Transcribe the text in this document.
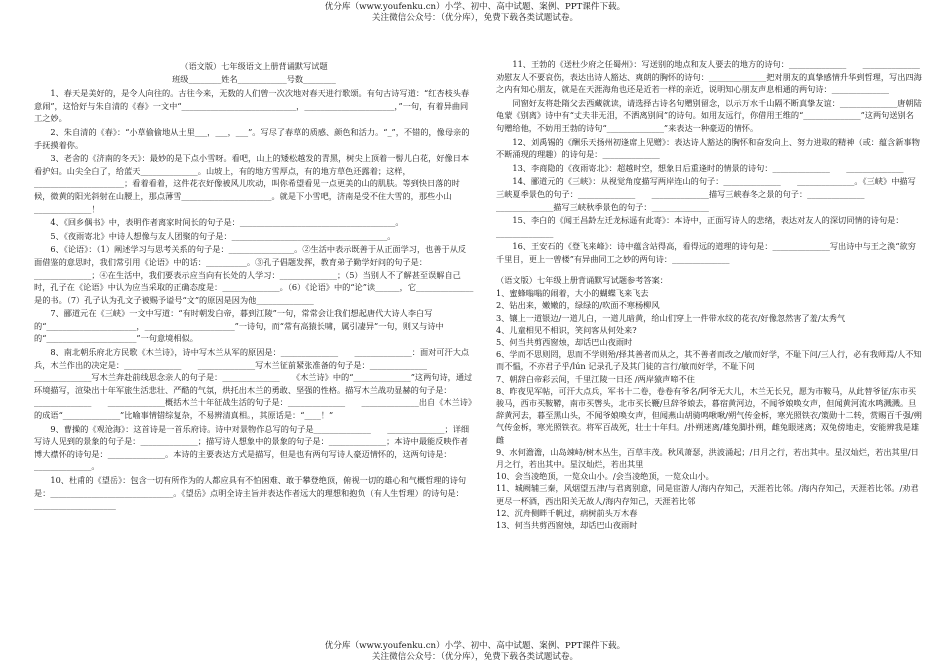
优分库（www.youfenku.cn）小学、初中、高中试题、案例、PPT课件下载。
关注微信公众号：（优分库），免费下载各类试题试卷。
（语文版）七年级语文上册背诵默写试题
班级________姓名____________号数________

1、春天是美好的，是令人向往的。古往今来，无数的人们曾一次次地对春天进行歌颂。有句古诗写道：“红杏枝头春意闹”，这恰好与朱自清的《春》一文中“____________________________，______________________，”一句，有着异曲同工之妙。

2、朱自清的《春》：“小草偷偷地从土里___，___，___”。写尽了春草的质感、颜色和活力。“_”，不错的，像母亲的手抚摸着你。

3、老舍的《济南的冬天》：最妙的是下点小雪呀。看吧，山上的矮松越发的青黑，树尖上顶着一髻儿白花，好像日本看护妇。山尖全白了，给蓝天______________。山坡上，有的地方雪厚点，有的地方草色还露着；这样，______________________；看着看着，这件花衣好像被风儿吹动，叫你希望看见一点更美的山的肌肤。等到快日落的时候，微黄的阳光斜射在山腰上，那点薄雪______________________。就是下小雪吧，济南是受不住大雪的，那些小山______________！

4、《回乡偶书》中，表明作者离家时间长的句子是：______________________________________。

5、《夜雨寄北》中诗人想像与友人团聚的句子是：______________________________________。

6、《论语》：（1）阐述学习与思考关系的句子是：________________。②生活中表示既善于从正面学习，也善于从反面借鉴的意思时，我们常引用《论语》中的话：__________。③孔子倡题发挥，教育弟子勤学好问的句子是：______________；④在生活中，我们要表示应当向有长处的人学习：______________；（5）当别人不了解甚至误解自己时，孔子在《论语》中认为应当采取的正确态度是：______________。（6）《论语》中的“论”读______，它______________是的书。（7）孔子认为孔文子被赐予谥号“文”的原因是因为他______________

7、郦道元在《三峡》一文中写道：“有时朝发白帝，暮到江陵”一句，常常会让我们想起唐代大诗人李白写的“______________________，______________________”一诗句，而“常有高猿长啸，属引凄异”一句，则又与诗中的“______________________”一句意境相似。

8、南北朝乐府北方民歌《木兰诗》，诗中写木兰从军的原因是：______________　　______________：面对可汗大点兵，木兰作出的决定是：______________　　______________写木兰征前紧张准备的句子是：______________　　______________写木兰奔赴前线思念亲人的句子是：______________　　《木兰诗》中的“______________”这两句诗，通过环境描写，渲染出十年军旅生活悲壮、严酷的气氛，烘托出木兰的勇敢、坚强的性格。描写木兰战功显赫的句子是：______________　　______________概括木兰十年征战生活的句子是：______________　　______________出自《木兰诗》的成语“______________”比喻事情错综复杂，不易辨清真相。，其原话是：“____！”

9、曹操的《观沧海》：这首诗是一首乐府诗。诗中对景物作总写的句子是______________　　______________；详细写诗人见到的景象的句子是：______________；描写诗人想象中的景象的句子是：______________；本诗中最能反映作者博大襟怀的诗句是：______________。本诗的主要表达方式是描写，但是也有两句写诗人豪迈情怀的，这两句诗是：______________。

10、杜甫的《望岳》：包含一切有所作为的人都应具有不怕困难、敢于攀登绝顶，俯视一切的雄心和气概哲理的诗句是：______________________________。《望岳》点明全诗主旨并表达作者远大的理想和抱负（有人生哲理）的诗句是：____________________

11、王勃的《送杜少府之任蜀州》：写送别的地点和友人要去的地方的诗句：______________　　______________劝慰友人不要哀伤，表达出诗人豁达、爽朗的胸怀的诗句：______________把对朋友的真挚感情升华到哲理，写出四海之内有知心朋友，就是在天涯海角也还是近若一样的亲近，说明知心朋友声息相通的两句诗：______________

同窗好友将赴隋父去西藏就读，请选择古诗名句赠别留念，以示万水千山隔不断真挚友谊：______________唐朝陆龟蒙《别离》诗中有“丈夫非无泪，不洒离别间”的诗句。如用友远行，你借用王维的“______________”这两句送别名句赠给他，不妨用王勃的诗句“______________”来表达一种豪迈的情怀。

12、刘禹锡的《酬乐天扬州初逢席上见赠》：表达诗人豁达的胸怀和奋发向上、努力进取的精神（或：蕴含新事物不断涌现的理趣）的诗句是：______________

13、李商隐的《夜雨寄北》：超越时空，想象日后重逢时的情景的诗句：______________　　______________

14、郦道元的《三峡》：从视觉角度描写两岸连山的句子：______________　　______________。《三峡》中描写三峡夏季景色的句子：______________　　______________描写三峡春冬之景的句子：______________　　______________描写三峡秋季景色的句子：______________

15、李白的《闻王昌龄左迁龙标遥有此寄》：本诗中，正面写诗人的悲绪，表达对友人的深切同情的诗句是：______________

16、王安石的《登飞来峰》：诗中蕴含站得高，看得远的道理的诗句是：______________写出诗中与王之涣“欲穷千里目，更上一曾楼”有异曲同工之妙的两句诗：______________

（语文版）七年级上册背诵默写试题参考答案：

1、蜜蜂嗡嗡的闹着，大小的蝴蝶飞来飞去

2、钻出来，嫩嫩的，绿绿的/吹面不寒杨柳风

3、镶上一道银边/一道儿白，一道儿暗黄，给山们穿上一件带水纹的花衣/好像忽然害了羞/太秀气

4、儿童相见不相识，笑问客从何处来?

5、何当共剪西窗烛，却话巴山夜雨时

6、学而不思则罔，思而不学则殆/择其善者而从之，其不善者而改之/敏而好学，不耻下问/三人行，必有我师焉/人不知而不愠，不亦君子乎/lún 记录孔子及其门徒的言行/敏而好学，不耻下问

7、朝辞白帝彩云间，千里江陵一日还 /两岸猿声啼不住

8、昨夜见军帖，可汗大点兵，军书十二卷，卷卷有爷名/阿爷无大儿，木兰无长兄，愿为市鞍马，从此替爷征/东市买骏马，西市买鞍鞯，南市买辔头，北市买长鞭/旦辞爷娘去，暮宿黄河边，不闻爷娘唤女声，但闻黄河流水鸣溅溅。旦辞黄河去，暮至黑山头，不闻爷娘唤女声，但闻燕山胡骑鸣啾啾/朔气传金柝，寒光照铁衣/策勋十二转，赏赐百千强/朔气传金柝，寒光照铁衣。将军百战死，壮士十年归。/扑朔迷离/雄兔脚扑朔，雌兔眼迷离；双兔傍地走，安能辨我是雄雌

9、水何澹澹，山岛竦峙/树木丛生，百草丰茂。秋风萧瑟，洪波涌起；/日月之行，若出其中。星汉灿烂，若出其里/日月之行，若出其中。星汉灿烂，若出其里

10、会当凌绝顶，一览众山小。/会当凌绝顶，一览众山小。

11、城阙辅三秦，风烟望五津/与君离别意，同是宦游人/海内存知己，天涯若比邻。/海内存知己，天涯若比邻。/劝君更尽一杯酒，西出阳关无故人/海内存知己，天涯若比邻

12、沉舟侧畔千帆过，病树前头万木春

13、何当共剪西窗烛，却话巴山夜雨时

优分库（www.youfenku.cn）小学、初中、高中试题、案例、PPT课件下载。
关注微信公众号：（优分库），免费下载各类试题试卷。
